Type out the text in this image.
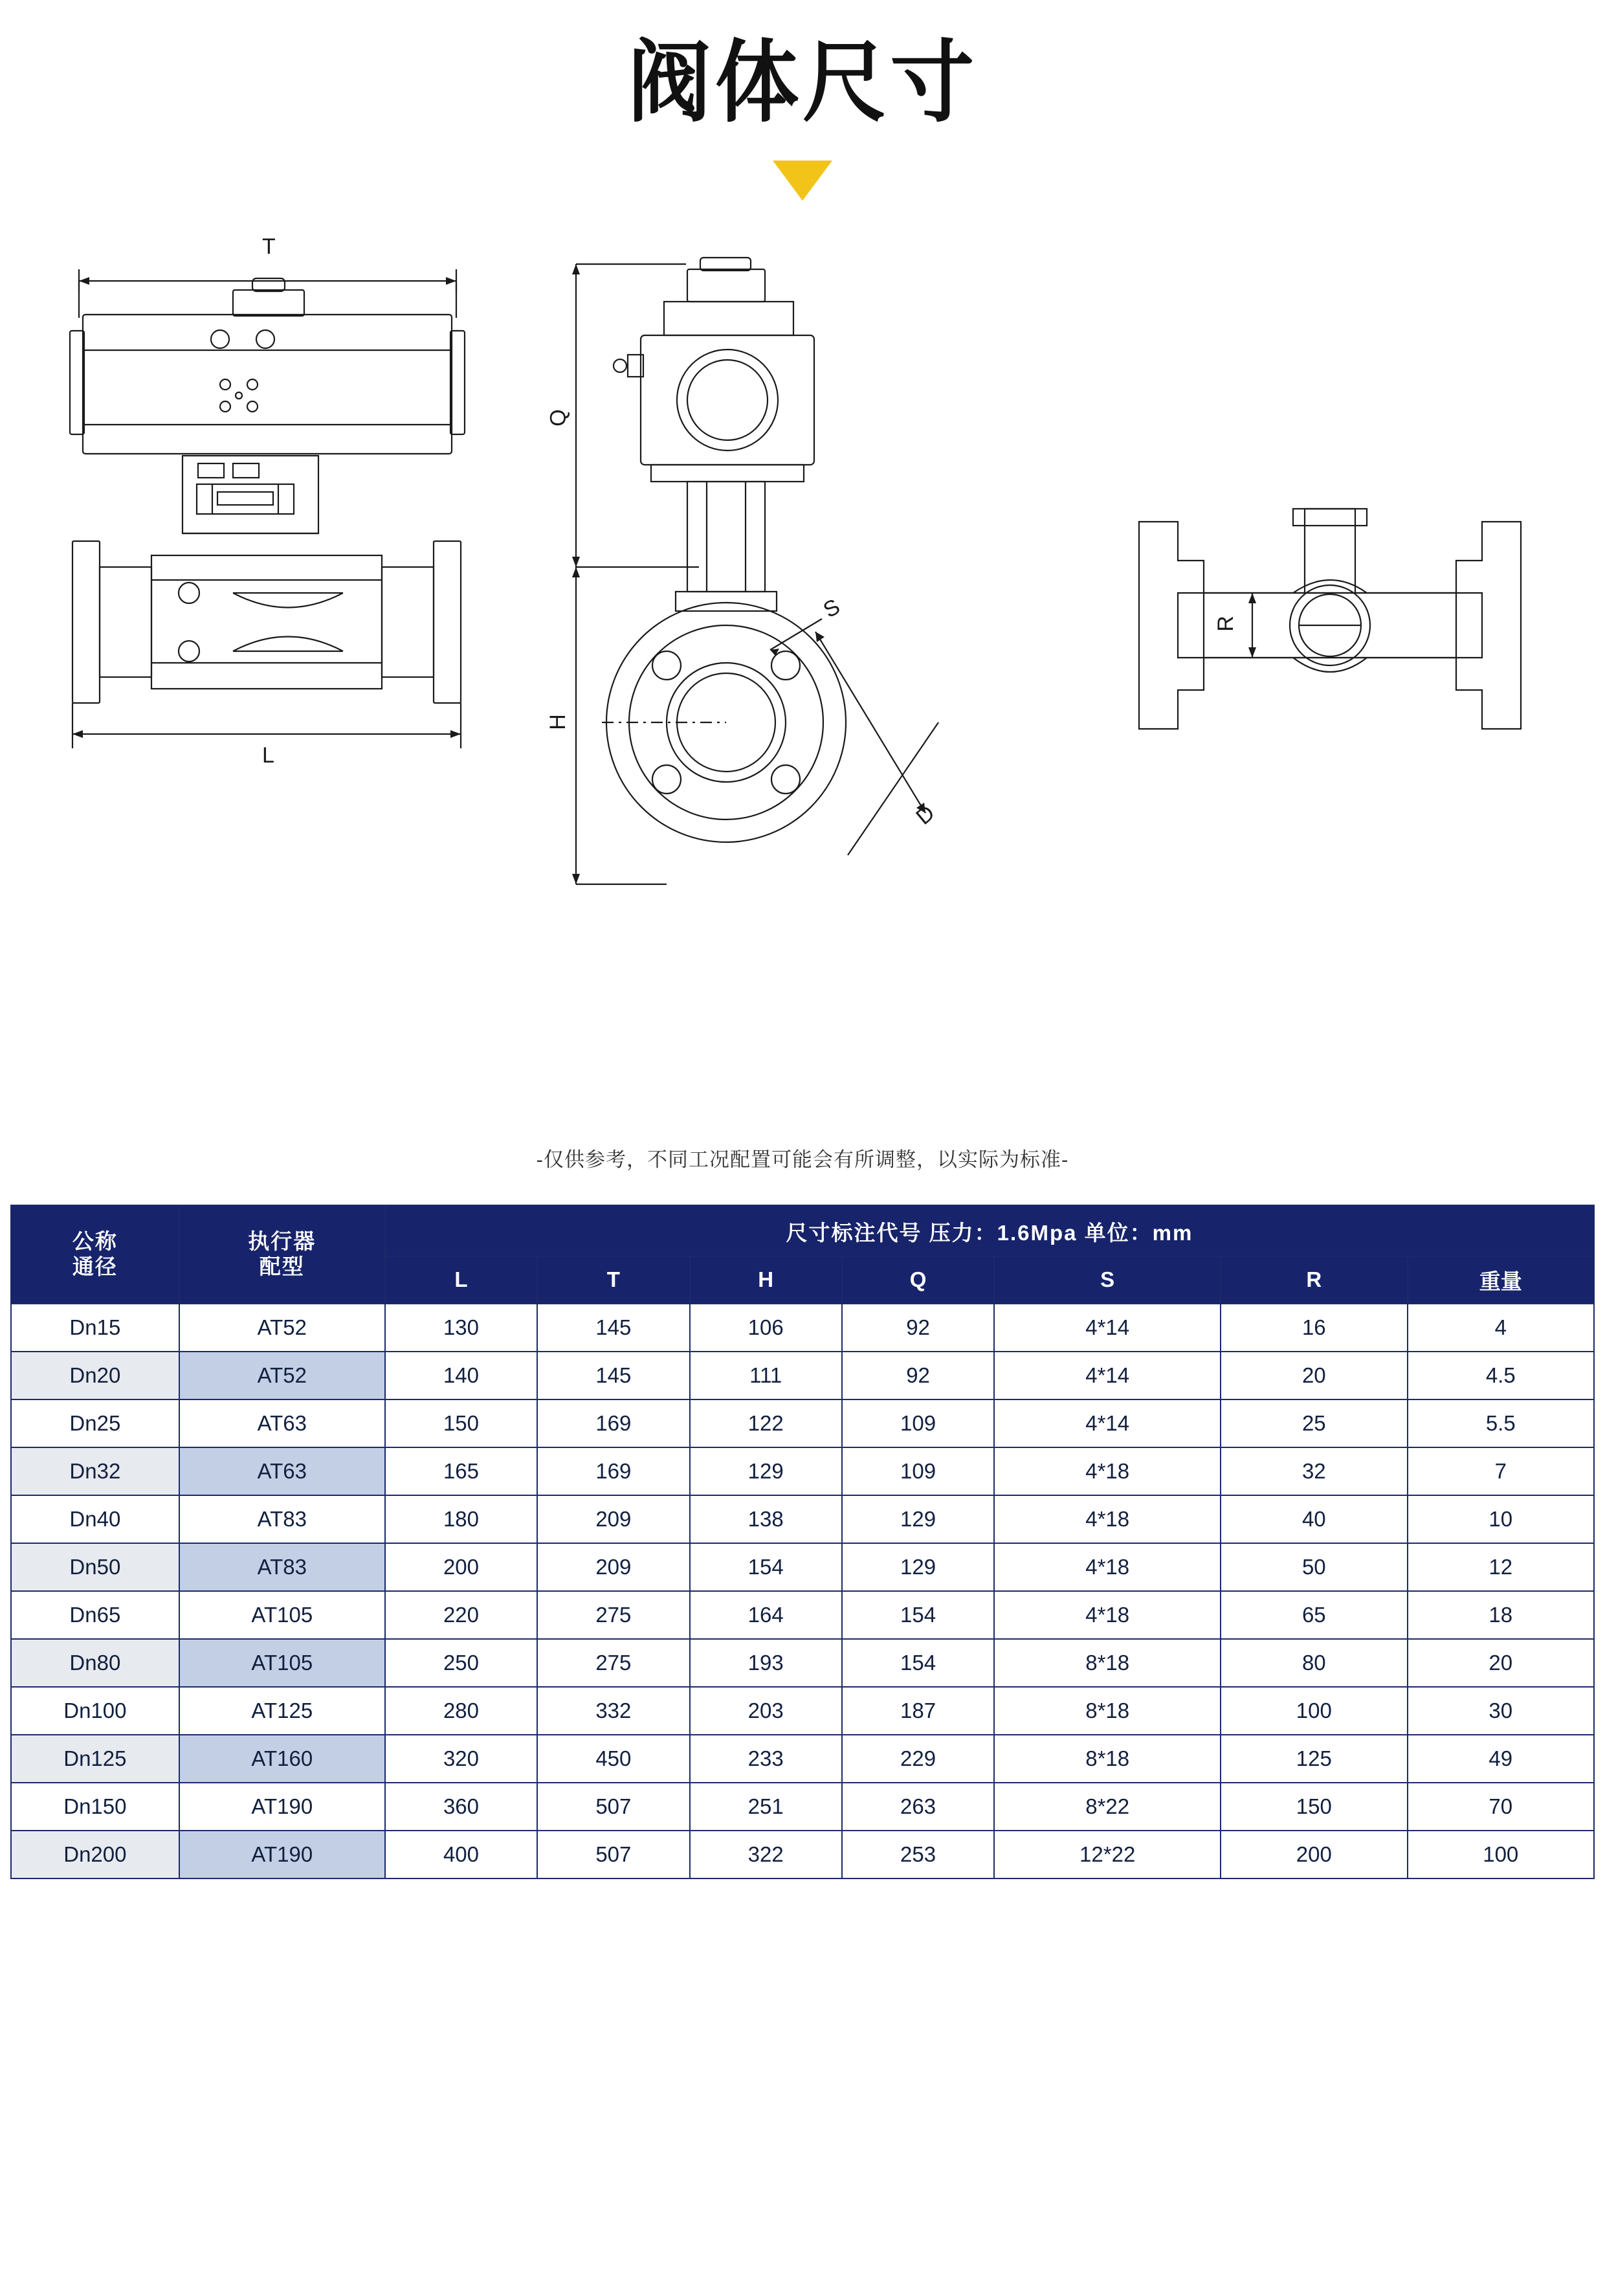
阀体尺寸
T
L
Q
H
S
D
R
-仅供参考，不同工况配置可能会有所调整，以实际为标准-
公称
通径

执行器
配型
	尺寸标注代号 压力：1.6Mpa 单位：mm
		L	T	H	Q	S	R	重量
Dn15	AT52	130	145	106	92	4*14	16	4
Dn20	AT52	140	145	111	92	4*14	20	4.5
Dn25	AT63	150	169	122	109	4*14	25	5.5
Dn32	AT63	165	169	129	109	4*18	32	7
Dn40	AT83	180	209	138	129	4*18	40	10
Dn50	AT83	200	209	154	129	4*18	50	12
Dn65	AT105	220	275	164	154	4*18	65	18
Dn80	AT105	250	275	193	154	8*18	80	20
Dn100	AT125	280	332	203	187	8*18	100	30
Dn125	AT160	320	450	233	229	8*18	125	49
Dn150	AT190	360	507	251	263	8*22	150	70
Dn200	AT190	400	507	322	253	12*22	200	100
